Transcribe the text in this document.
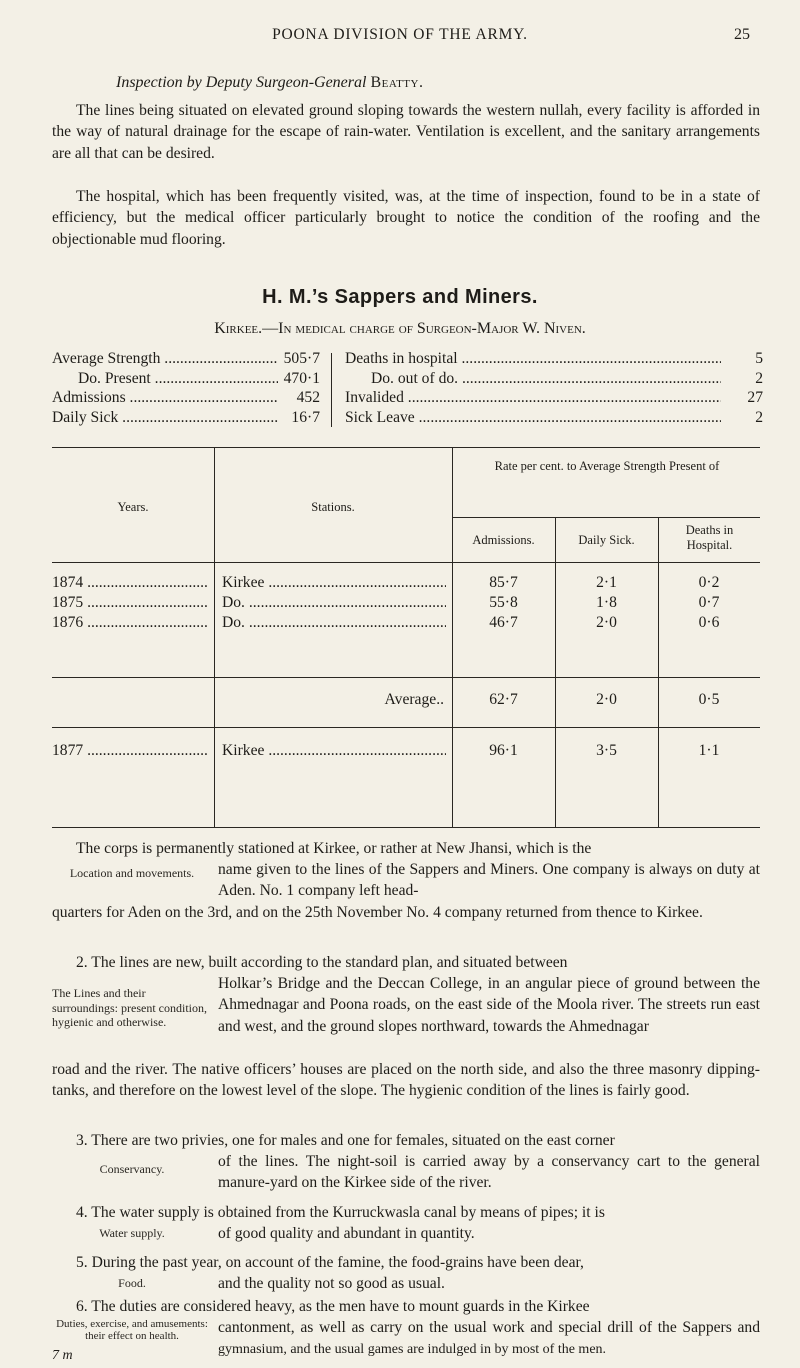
POONA DIVISION OF THE ARMY.	25
Inspection by Deputy Surgeon-General Beatty.

The lines being situated on elevated ground sloping towards the western nullah, every facility is afforded in the way of natural drainage for the escape of rain-water. Ventilation is excellent, and the sanitary arrangements are all that can be desired.

The hospital, which has been frequently visited, was, at the time of inspection, found to be in a state of efficiency, but the medical officer particularly brought to notice the condition of the roofing and the objectionable mud flooring.

H. M.’s Sappers and Miners.
Kirkee.—In medical charge of Surgeon-Major W. Niven.
Average Strength .....	505·7
Do. Present .....	470·1
Admissions .....	452
Daily Sick .....	16·7
Deaths in hospital .....	5
Do. out of do. .....	2
Invalided .....	27
Sick Leave .....	2
Years.	Stations.
Rate per cent. to Average Strength Present of
Admissions.	Daily Sick.
Deaths in Hospital.
1874 .....	Kirkee .....	85·7	2·1	0·2
1875 .....	Do. .....	55·8	1·8	0·7
1876 .....	Do. .....	46·7	2·0	0·6
Average..	62·7	2·0	0·5
1877 .....	Kirkee .....	96·1	3·5	1·1

The corps is permanently stationed at Kirkee, or rather at New Jhansi, which is the

Location and movements.	name given to the lines of the Sappers and Miners. One company is always on duty at Aden. No. 1 company left head-

quarters for Aden on the 3rd, and on the 25th November No. 4 company returned from thence to Kirkee.

2. The lines are new, built according to the standard plan, and situated between

The Lines and their surroundings: present condition, hygienic and otherwise.

Holkar’s Bridge and the Deccan College, in an angular piece of ground between the Ahmednagar and Poona roads, on the east side of the Moola river. The streets run east and west, and the ground slopes northward, towards the Ahmednagar

road and the river. The native officers’ houses are placed on the north side, and also the three masonry dipping-tanks, and therefore on the lowest level of the slope. The hygienic condition of the lines is fairly good.

3. There are two privies, one for males and one for females, situated on the east corner

Conservancy.	of the lines. The night-soil is carried away by a conservancy cart to the general manure-yard on the Kirkee side of the river.

4. The water supply is obtained from the Kurruckwasla canal by means of pipes; it is

Water supply.	of good quality and abundant in quantity.

5. During the past year, on account of the famine, the food-grains have been dear,

Food.	and the quality not so good as usual.

6. The duties are considered heavy, as the men have to mount guards in the Kirkee

Duties, exercise, and amusements: their effect on health.	cantonment, as well as carry on the usual work and special drill of the Sappers and

gymnasium, and the usual games are indulged in by most of the men.

7 m
